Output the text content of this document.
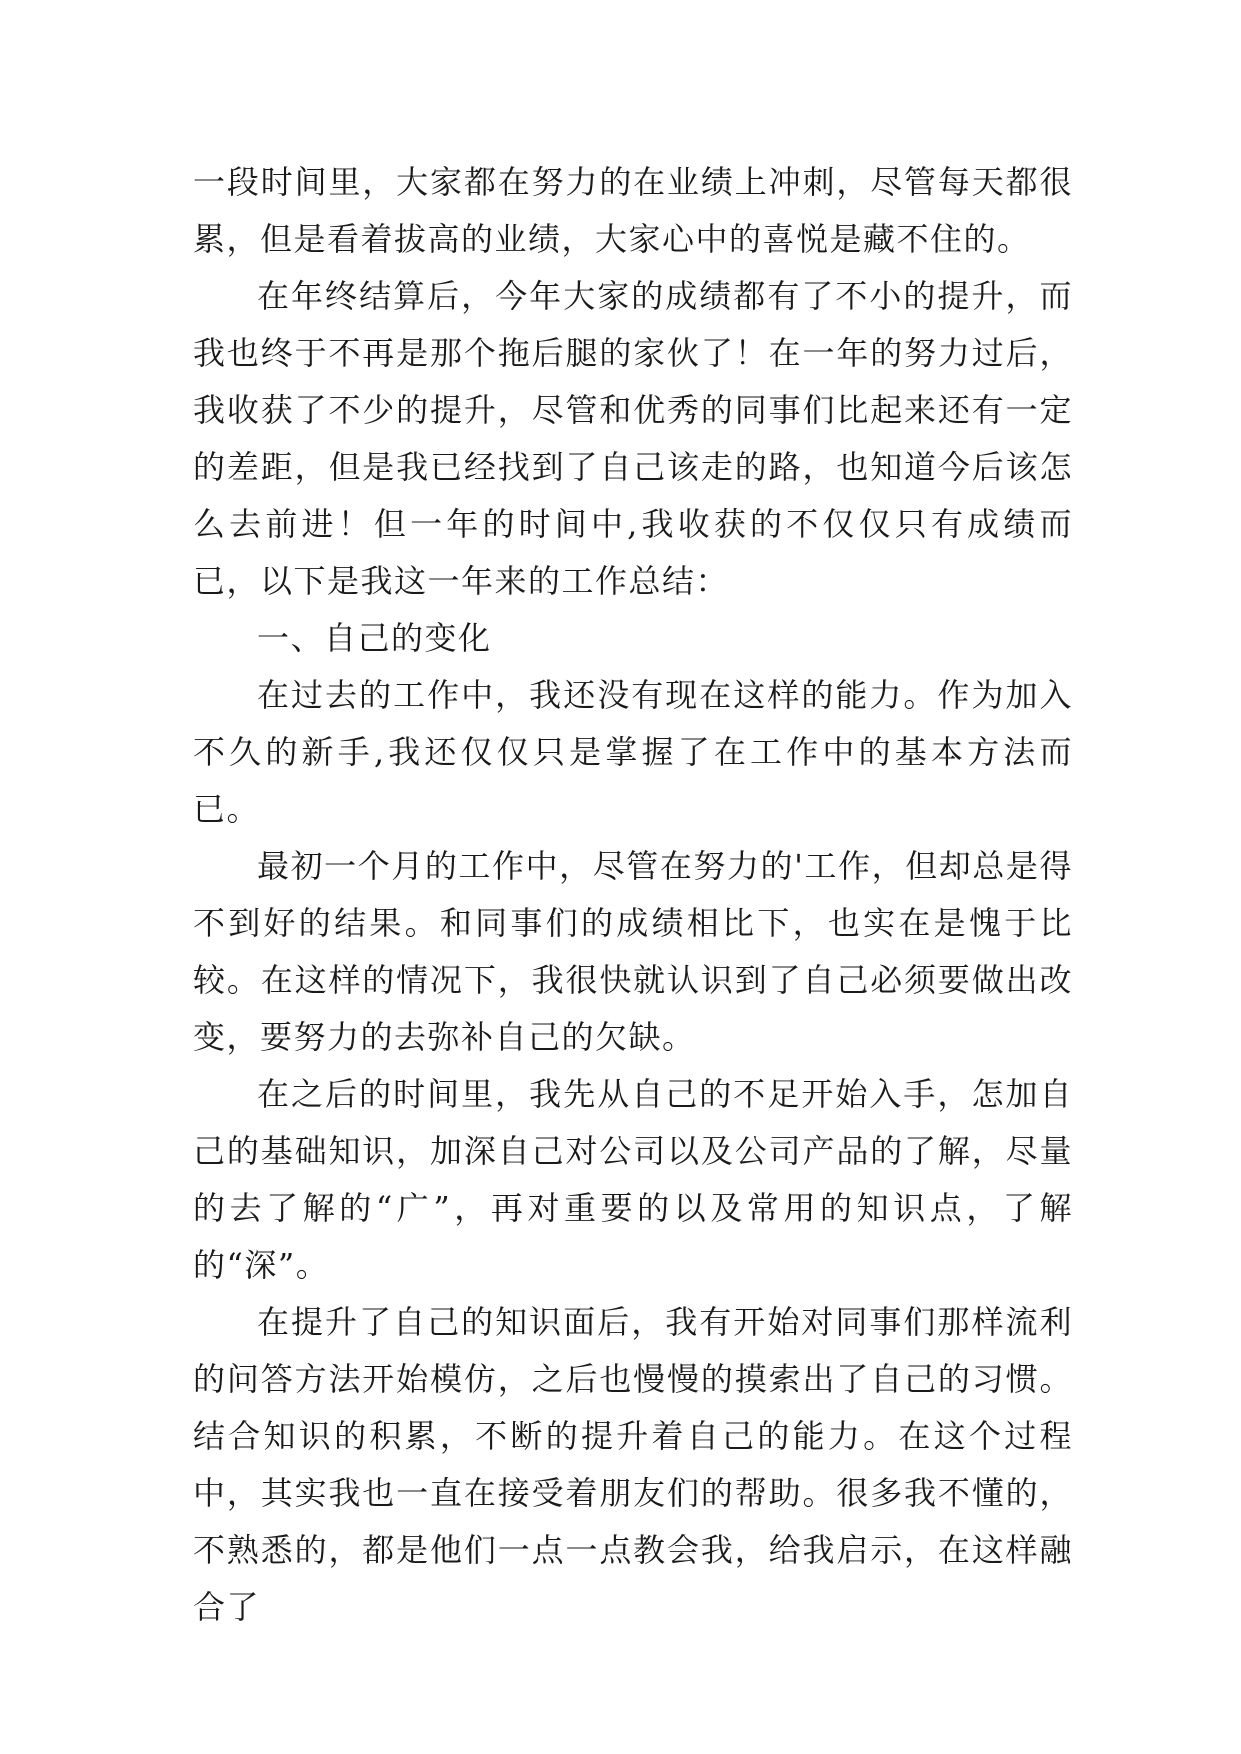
一段时间里，大家都在努力的在业绩上冲刺，尽管每天都很累，但是看着拔高的业绩，大家心中的喜悦是藏不住的。

在年终结算后，今年大家的成绩都有了不小的提升，而我也终于不再是那个拖后腿的家伙了！在一年的努力过后，我收获了不少的提升，尽管和优秀的同事们比起来还有一定的差距，但是我已经找到了自己该走的路，也知道今后该怎么去前进！但一年的时间中,我收获的不仅仅只有成绩而已，以下是我这一年来的工作总结：

一、自己的变化

在过去的工作中，我还没有现在这样的能力。作为加入不久的新手,我还仅仅只是掌握了在工作中的基本方法而已。

最初一个月的工作中，尽管在努力的'工作，但却总是得不到好的结果。和同事们的成绩相比下，也实在是愧于比较。在这样的情况下，我很快就认识到了自己必须要做出改变，要努力的去弥补自己的欠缺。

在之后的时间里，我先从自己的不足开始入手，怎加自己的基础知识，加深自己对公司以及公司产品的了解，尽量的去了解的“广”，再对重要的以及常用的知识点，了解的“深”。

在提升了自己的知识面后，我有开始对同事们那样流利的问答方法开始模仿，之后也慢慢的摸索出了自己的习惯。结合知识的积累，不断的提升着自己的能力。在这个过程中，其实我也一直在接受着朋友们的帮助。很多我不懂的，不熟悉的，都是他们一点一点教会我，给我启示，在这样融合了
